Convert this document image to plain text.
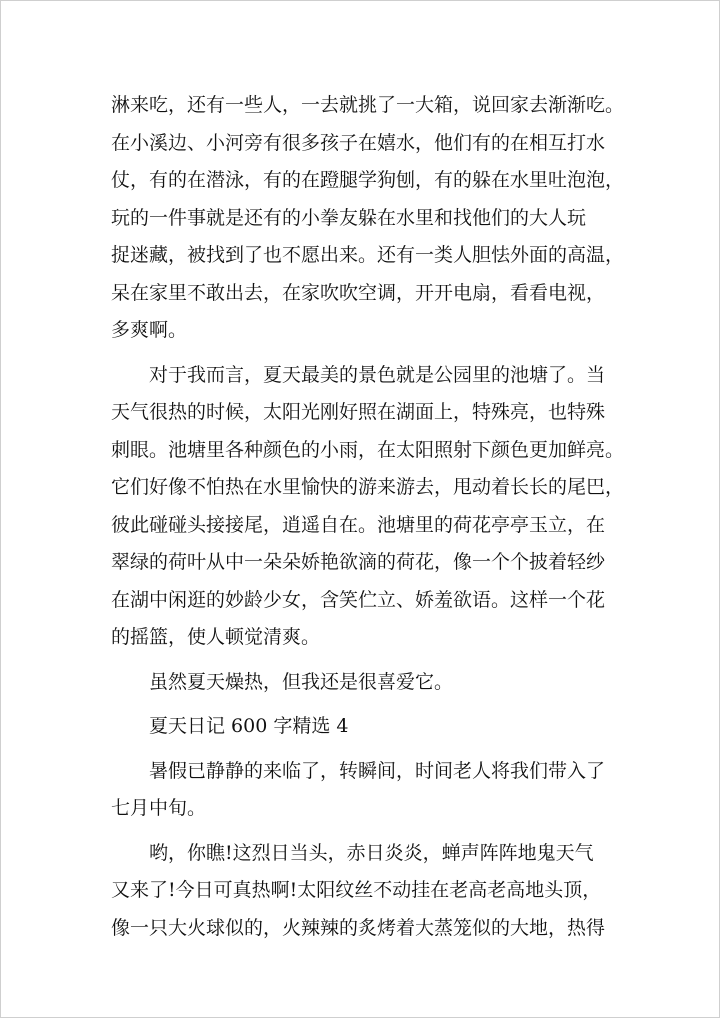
淋来吃，还有一些人，一去就挑了一大箱，说回家去渐渐吃。
在小溪边、小河旁有很多孩子在嬉水，他们有的在相互打水
仗，有的在潜泳，有的在蹬腿学狗刨，有的躲在水里吐泡泡，
玩的一件事就是还有的小拳友躲在水里和找他们的大人玩
捉迷藏，被找到了也不愿出来。还有一类人胆怯外面的高温，
呆在家里不敢出去，在家吹吹空调，开开电扇，看看电视，
多爽啊。
对于我而言，夏天最美的景色就是公园里的池塘了。当
天气很热的时候，太阳光刚好照在湖面上，特殊亮，也特殊
刺眼。池塘里各种颜色的小雨，在太阳照射下颜色更加鲜亮。
它们好像不怕热在水里愉快的游来游去，甩动着长长的尾巴，
彼此碰碰头接接尾，逍遥自在。池塘里的荷花亭亭玉立，在
翠绿的荷叶从中一朵朵娇艳欲滴的荷花，像一个个披着轻纱
在湖中闲逛的妙龄少女，含笑伫立、娇羞欲语。这样一个花
的摇篮，使人顿觉清爽。
虽然夏天燥热，但我还是很喜爱它。
夏天日记 600 字精选 4
暑假已静静的来临了，转瞬间，时间老人将我们带入了
七月中旬。
哟，你瞧!这烈日当头，赤日炎炎，蝉声阵阵地鬼天气
又来了!今日可真热啊!太阳纹丝不动挂在老高老高地头顶，
像一只大火球似的，火辣辣的炙烤着大蒸笼似的大地，热得
